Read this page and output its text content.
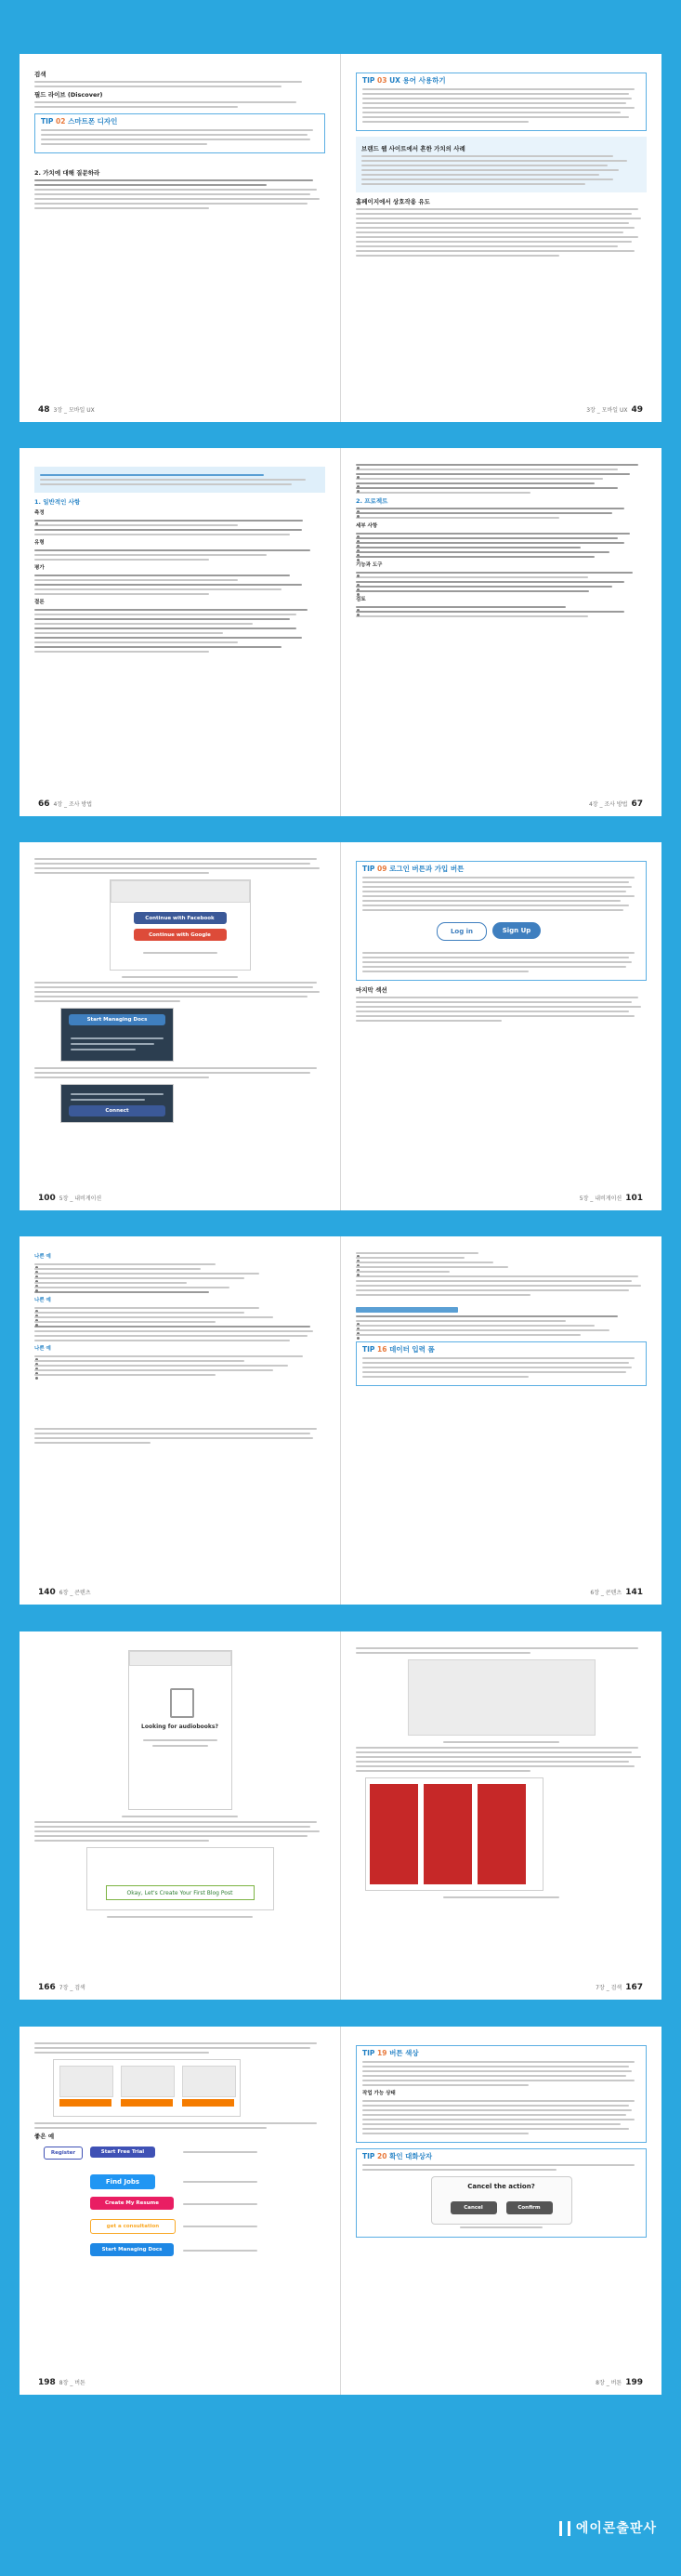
검색
필드 라이브 (Discover)
TIP 02 스마트폰 디자인
2. 가치에 대해 질문하라
48 3장 _ 모바일 UX
TIP 03 UX 용어 사용하기
브랜드 웹 사이트에서 흔한 가치의 사례
홈페이지에서 상호작용 유도
3장 _ 모바일 UX 49
1. 일반적인 사항
측정
유형
평가
결론
66 4장 _ 조사 방법
2. 프로젝트
세부 사항
기능과 도구
검토
4장 _ 조사 방법 67
Continue with Facebook
Continue with Google
Start Managing Docs
Connect
100 5장 _ 내비게이션
TIP 09 로그인 버튼과 가입 버튼
Log in	Sign Up
마지막 섹션
5장 _ 내비게이션 101
나쁜 예
나쁜 예
나쁜 예
140 6장 _ 콘텐츠
TIP 16 데이터 입력 폼
6장 _ 콘텐츠 141
Looking for audiobooks?
Okay, Let's Create Your First Blog Post
166 7장 _ 검색	7장 _ 검색 167
좋은 예
Register	Start Free Trial
Find Jobs
Create My Resume
get a consultation
Start Managing Docs
198 8장 _ 버튼
TIP 19 버튼 색상
작업 가능 상태
TIP 20 확인 대화상자
Cancel the action?
Cancel	Confirm
8장 _ 버튼 199
에이콘출판사
